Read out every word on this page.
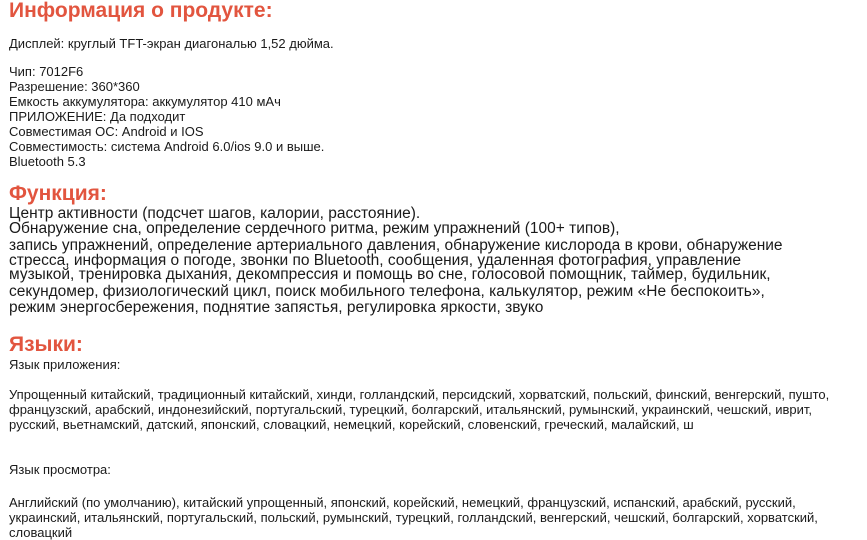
Информация о продукте:

Дисплей: круглый TFT-экран диагональю 1,52 дюйма.

Чип: 7012F6

Разрешение: 360*360

Емкость аккумулятора: аккумулятор 410 мАч

ПРИЛОЖЕНИЕ: Да подходит

Совместимая ОС: Android и IOS

Совместимость: система Android 6.0/ios 9.0 и выше.

Bluetooth 5.3

Функция:

Центр активности (подсчет шагов, калории, расстояние).

Обнаружение сна, определение сердечного ритма, режим упражнений (100+ типов),

запись упражнений, определение артериального давления, обнаружение кислорода в крови, обнаружение

стресса, информация о погоде, звонки по Bluetooth, сообщения, удаленная фотография, управление

музыкой, тренировка дыхания, декомпрессия и помощь во сне, голосовой помощник, таймер, будильник,

секундомер, физиологический цикл, поиск мобильного телефона, калькулятор, режим «Не беспокоить»,

режим энергосбережения, поднятие запястья, регулировка яркости, звуко

Языки:

Язык приложения:

Упрощенный китайский, традиционный китайский, хинди, голландский, персидский, хорватский, польский, финский, венгерский, пушто, французский, арабский, индонезийский, португальский, турецкий, болгарский, итальянский, румынский, украинский, чешский, иврит, русский, вьетнамский, датский, японский, словацкий, немецкий, корейский, словенский, греческий, малайский, ш

Язык просмотра:

Английский (по умолчанию), китайский упрощенный, японский, корейский, немецкий, французский, испанский, арабский, русский, украинский, итальянский, португальский, польский, румынский, турецкий, голландский, венгерский, чешский, болгарский, хорватский, словацкий
